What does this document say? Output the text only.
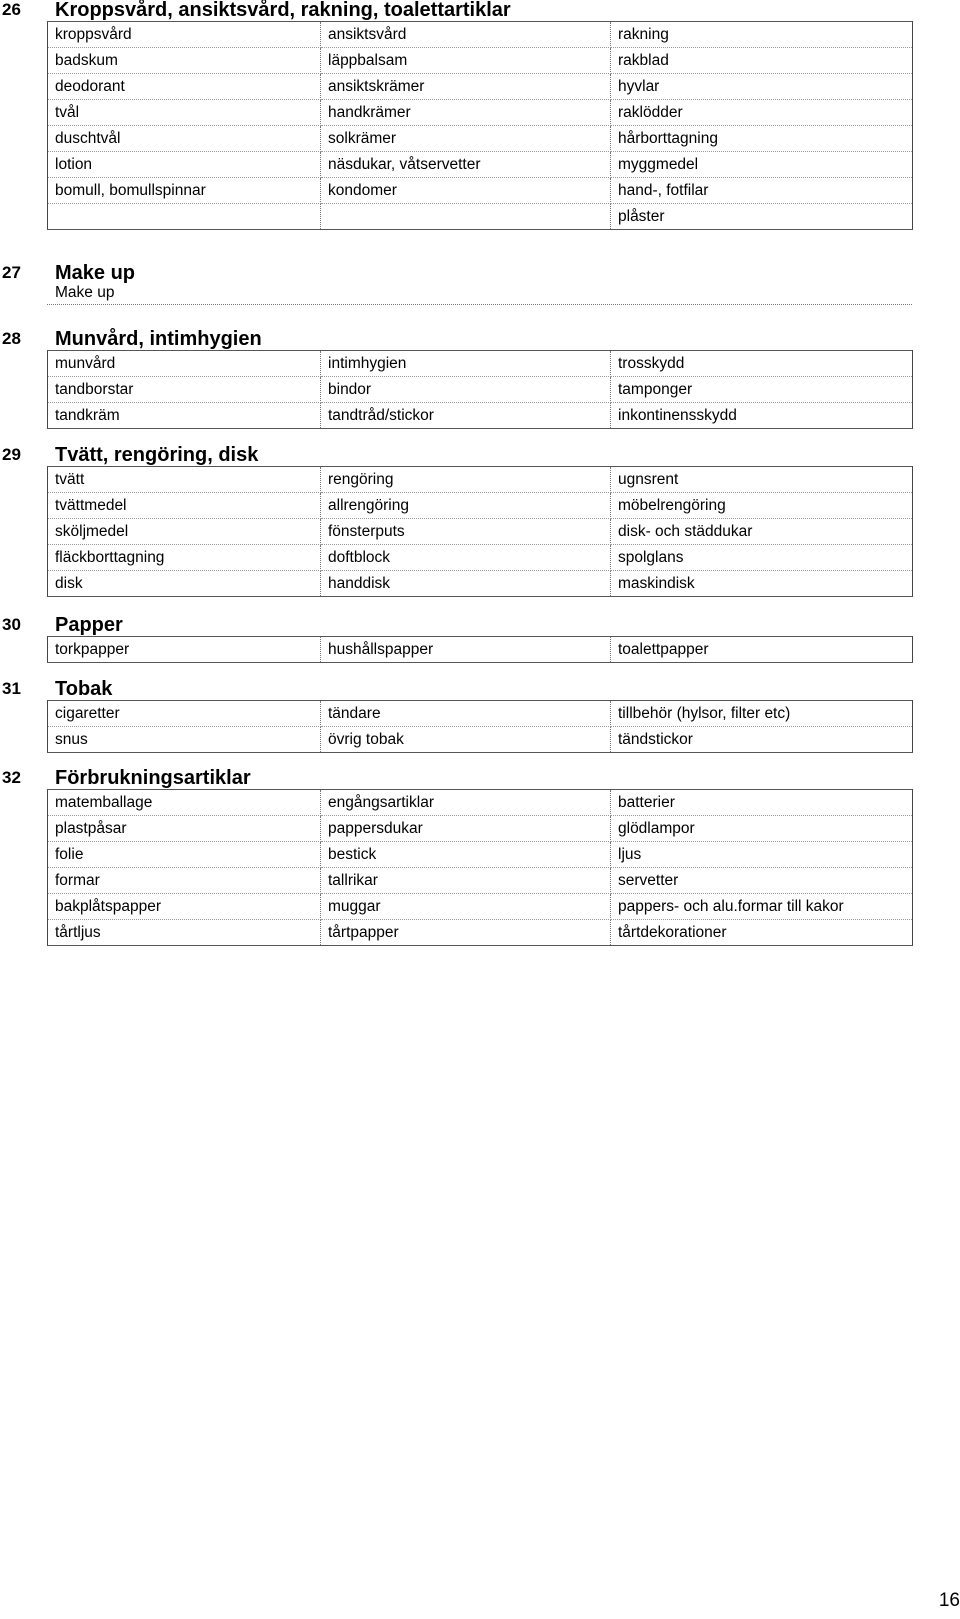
26 Kroppsvård, ansiktsvård, rakning, toalettartiklar
kroppsvård	ansiktsvård	rakning
badskum	läppbalsam	rakblad
deodorant	ansiktskrämer	hyvlar
tvål	handkrämer	raklödder
duschtvål	solkrämer	hårborttagning
lotion	näsdukar, våtservetter	myggmedel
bomull, bomullspinnar	kondomer	hand-, fotfilar
		plåster
27 Make up
Make up
28 Munvård, intimhygien
munvård	intimhygien	trosskydd
tandborstar	bindor	tamponger
tandkräm	tandtråd/stickor	inkontinensskydd
29 Tvätt, rengöring, disk
tvätt	rengöring	ugnsrent
tvättmedel	allrengöring	möbelrengöring
sköljmedel	fönsterputs	disk- och städdukar
fläckborttagning	doftblock	spolglans
disk	handdisk	maskindisk
30 Papper
torkpapper	hushållspapper	toalettpapper
31 Tobak
cigaretter	tändare	tillbehör (hylsor, filter etc)
snus	övrig tobak	tändstickor
32 Förbrukningsartiklar
matemballage	engångsartiklar	batterier
plastpåsar	pappersdukar	glödlampor
folie	bestick	ljus
formar	tallrikar	servetter
bakplåtspapper	muggar	pappers- och alu.formar till kakor
tårtljus	tårtpapper	tårtdekorationer
16
